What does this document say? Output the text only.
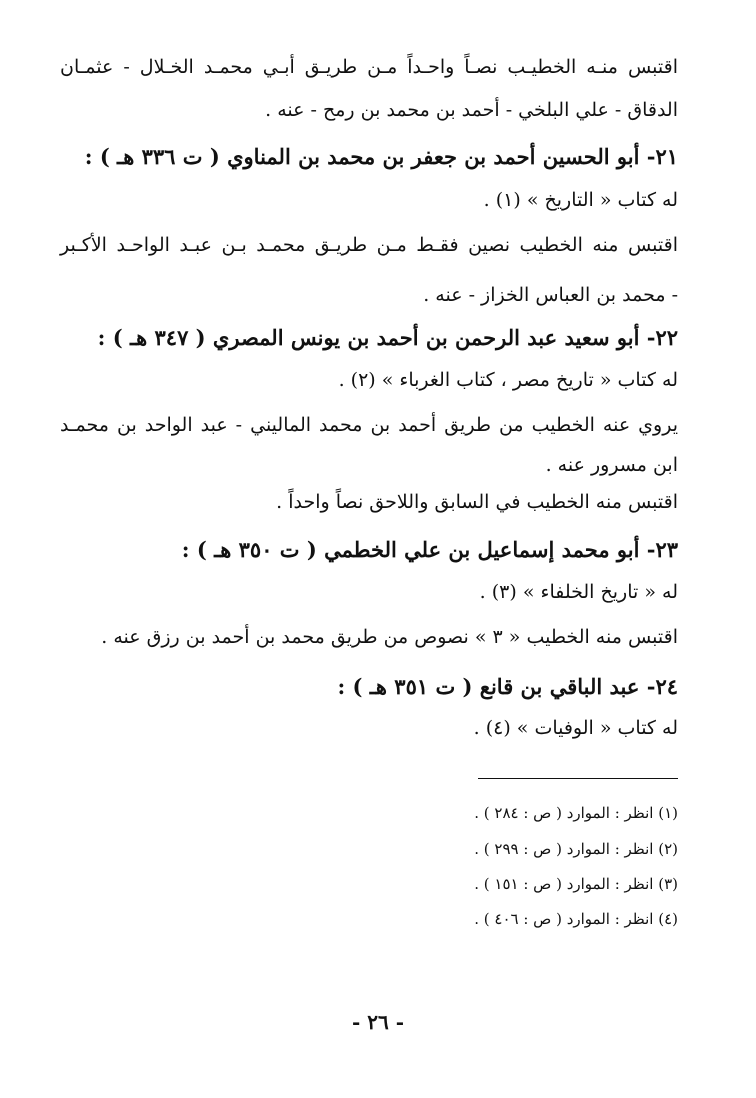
اقتبس منـه الخطيـب نصـاً واحـداً مـن طريـق أبـي محمـد الخـلال - عثمـان
الدقاق - علي البلخي - أحمد بن محمد بن رمح - عنه .
٢١- أبو الحسين أحمد بن جعفر بن محمد بن المناوي ( ت ٣٣٦ هـ ) :
له كتاب « التاريخ » (١) .
اقتبس منه الخطيب نصين فقـط مـن طريـق محمـد بـن عبـد الواحـد الأكـبر
- محمد بن العباس الخزاز - عنه .
٢٢- أبو سعيد عبد الرحمن بن أحمد بن يونس المصري ( ٣٤٧ هـ ) :
له كتاب « تاريخ مصر ، كتاب الغرباء » (٢) .
يروي عنه الخطيب من طريق أحمد بن محمد الماليني - عبد الواحد بن محمـد
ابن مسرور عنه .
اقتبس منه الخطيب في السابق واللاحق نصاً واحداً .
٢٣- أبو محمد إسماعيل بن علي الخطمي ( ت ٣٥٠ هـ ) :
له « تاريخ الخلفاء » (٣) .
اقتبس منه الخطيب « ٣ » نصوص من طريق محمد بن أحمد بن رزق عنه .
٢٤- عبد الباقي بن قانع ( ت ٣٥١ هـ ) :
له كتاب « الوفيات » (٤) .
(١) انظر : الموارد ( ص : ٢٨٤ ) .
(٢) انظر : الموارد ( ص : ٢٩٩ ) .
(٣) انظر : الموارد ( ص : ١٥١ ) .
(٤) انظر : الموارد ( ص : ٤٠٦ ) .
- ٢٦ -
